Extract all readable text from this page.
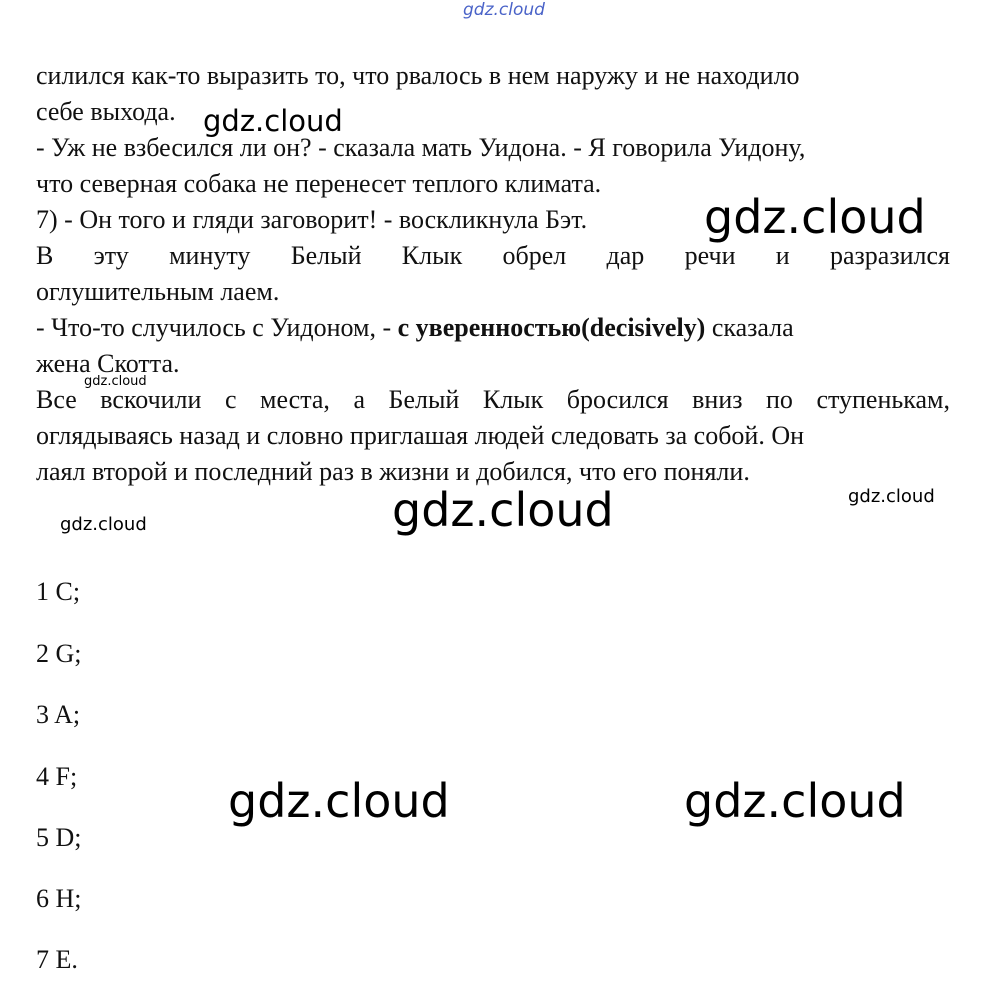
gdz.cloud
силился как-то выразить то, что рвалось в нем наружу и не находило
себе выхода.
- Уж не взбесился ли он? - сказала мать Уидона. - Я говорила Уидону,
что северная собака не перенесет теплого климата.
7) - Он того и гляди заговорит! - воскликнула Бэт.
В эту минуту Белый Клык обрел дар речи и разразился
оглушительным лаем.
- Что-то случилось с Уидоном, - с уверенностью(decisively) сказала
жена Скотта.
Все вскочили с места, а Белый Клык бросился вниз по ступенькам,
оглядываясь назад и словно приглашая людей следовать за собой. Он
лаял второй и последний раз в жизни и добился, что его поняли.
1 C;
2 G;
3 A;
4 F;
5 D;
6 H;
7 E.
gdz.cloud
gdz.cloud
gdz.cloud
gdz.cloud
gdz.cloud
gdz.cloud
gdz.cloud	gdz.cloud
